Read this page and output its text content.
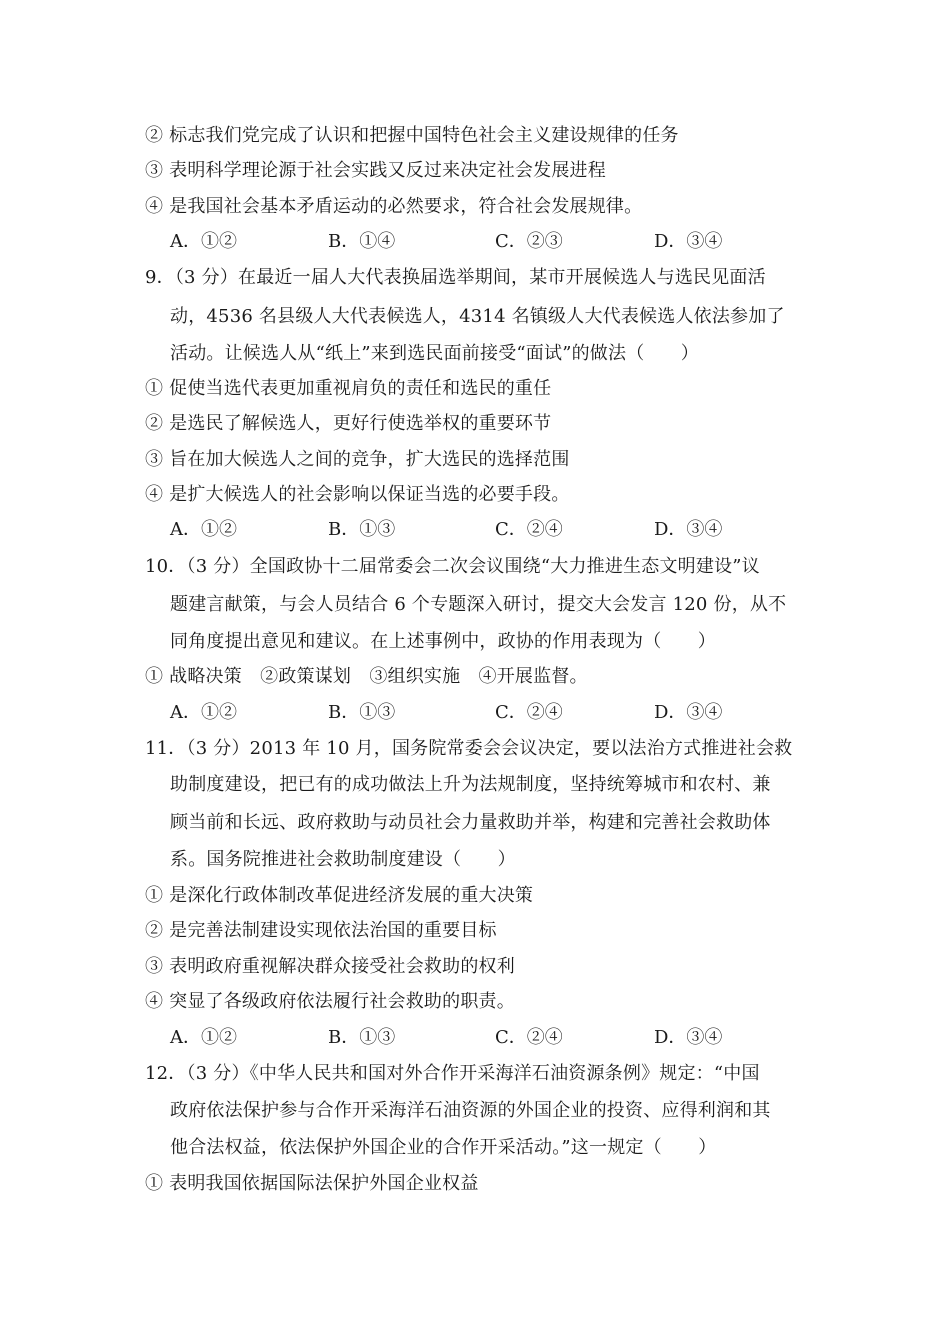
② 标志我们党完成了认识和把握中国特色社会主义建设规律的任务
③ 表明科学理论源于社会实践又反过来决定社会发展进程
④ 是我国社会基本矛盾运动的必然要求，符合社会发展规律。
A．①②	B．①④	C．②③	D．③④
9．（3 分）在最近一届人大代表换届选举期间，某市开展候选人与选民见面活
动，4536 名县级人大代表候选人，4314 名镇级人大代表候选人依法参加了
活动。让候选人从“纸上”来到选民面前接受“面试”的做法（　　）
① 促使当选代表更加重视肩负的责任和选民的重任
② 是选民了解候选人，更好行使选举权的重要环节
③ 旨在加大候选人之间的竞争，扩大选民的选择范围
④ 是扩大候选人的社会影响以保证当选的必要手段。
A．①②	B．①③	C．②④	D．③④
10．（3 分）全国政协十二届常委会二次会议围绕“大力推进生态文明建设”议
题建言献策，与会人员结合 6 个专题深入研讨，提交大会发言 120 份，从不
同角度提出意见和建议。在上述事例中，政协的作用表现为（　　）
① 战略决策　②政策谋划　③组织实施　④开展监督。
A．①②	B．①③	C．②④	D．③④
11．（3 分）2013 年 10 月，国务院常委会会议决定，要以法治方式推进社会救
助制度建设，把已有的成功做法上升为法规制度，坚持统筹城市和农村、兼
顾当前和长远、政府救助与动员社会力量救助并举，构建和完善社会救助体
系。国务院推进社会救助制度建设（　　）
① 是深化行政体制改革促进经济发展的重大决策
② 是完善法制建设实现依法治国的重要目标
③ 表明政府重视解决群众接受社会救助的权利
④ 突显了各级政府依法履行社会救助的职责。
A．①②	B．①③	C．②④	D．③④
12．（3 分）《中华人民共和国对外合作开采海洋石油资源条例》规定：“中国
政府依法保护参与合作开采海洋石油资源的外国企业的投资、应得利润和其
他合法权益，依法保护外国企业的合作开采活动。”这一规定（　　）
① 表明我国依据国际法保护外国企业权益
